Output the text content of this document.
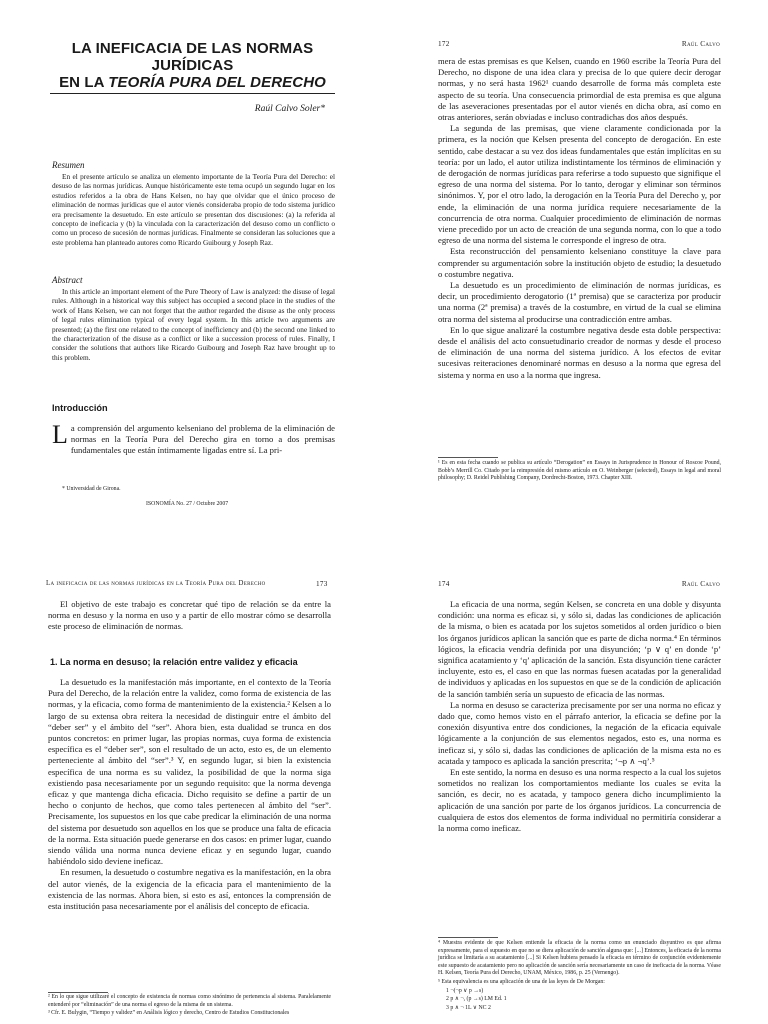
LA INEFICACIA DE LAS NORMAS
JURÍDICAS
EN LA TEORÍA PURA DEL DERECHO
Raúl Calvo Soler*
Resumen
En el presente artículo se analiza un elemento importante de la Teoría Pura del Derecho: el desuso de las normas jurídicas. Aunque históricamente este tema ocupó un segundo lugar en los estudios referidos a la obra de Hans Kelsen, no hay que olvidar que el único proceso de eliminación de normas jurídicas que el autor vienés consideraba propio de todo sistema jurídico era precisamente la desuetudo. En este artículo se presentan dos discusiones: (a) la referida al concepto de ineficacia y (b) la vinculada con la caracterización del desuso como un conflicto o como un proceso de sucesión de normas jurídicas. Finalmente se consideran las soluciones que a este problema han planteado autores como Ricardo Guibourg y Joseph Raz.
Abstract
In this article an important element of the Pure Theory of Law is analyzed: the disuse of legal rules. Although in a historical way this subject has occupied a second place in the studies of the work of Hans Kelsen, we can not forget that the author regarded the disuse as the only process of legal rules elimination typical of every legal system. In this article two arguments are presented; (a) the first one related to the concept of inefficiency and (b) the second one linked to the characterization of the disuse as a conflict or like a succession process of rules. Finally, I consider the solutions that authors like Ricardo Guibourg and Joseph Raz have brought up to this problem.
Introducción
La comprensión del argumento kelseniano del problema de la eliminación de normas en la Teoría Pura del Derecho gira en torno a dos premisas fundamentales que están íntimamente ligadas entre sí. La pri-
* Universidad de Girona.
ISONOMÍA No. 27 / Octubre 2007
172	Raúl Calvo

mera de estas premisas es que Kelsen, cuando en 1960 escribe la Teoría Pura del Derecho, no dispone de una idea clara y precisa de lo que quiere decir derogar normas, y no será hasta 1962¹ cuando desarrolle de forma más completa este aspecto de su teoría. Una consecuencia primordial de esta premisa es que alguna de las aseveraciones presentadas por el autor vienés en dicha obra, así como en otras anteriores, serán obviadas e incluso contradichas dos años después.

La segunda de las premisas, que viene claramente condicionada por la primera, es la noción que Kelsen presenta del concepto de derogación. En este sentido, cabe destacar a su vez dos ideas fundamentales que están implícitas en su teoría: por un lado, el autor utiliza indistintamente los términos de eliminación y de derogación de normas jurídicas para referirse a todo supuesto que signifique el egreso de una norma del sistema. Por lo tanto, derogar y eliminar son términos sinónimos. Y, por el otro lado, la derogación en la Teoría Pura del Derecho y, por ende, la eliminación de una norma jurídica requiere necesariamente de la concurrencia de otra norma. Cualquier procedimiento de eliminación de normas viene precedido por un acto de creación de una segunda norma, con lo que a todo egreso de una norma del sistema le corresponde el ingreso de otra.

Esta reconstrucción del pensamiento kelseniano constituye la clave para comprender su argumentación sobre la institución objeto de estudio; la desuetudo o costumbre negativa.

La desuetudo es un procedimiento de eliminación de normas jurídicas, es decir, un procedimiento derogatorio (1ª premisa) que se caracteriza por producir una norma (2ª premisa) a través de la costumbre, en virtud de la cual se elimina otra norma del sistema al producirse una contradicción entre ambas.

En lo que sigue analizaré la costumbre negativa desde esta doble perspectiva: desde el análisis del acto consuetudinario creador de normas y desde el proceso de eliminación de una norma del sistema jurídico. A los efectos de evitar sucesivas reiteraciones denominaré normas en desuso a la norma que egresa del sistema y norma en uso a la norma que ingresa.

¹ Es en esta fecha cuando se publica su artículo “Derogation” en Essays in Jurisprudence in Honour of Roscoe Pound, Bobb’s Merrill Co. Citado por la reimpresión del mismo artículo en O. Weinberger (selected), Essays in legal and moral philosophy; D. Reidel Publishing Company, Dordrecht-Boston, 1973. Chapter XIII.
La ineficacia de las normas jurídicas en la Teoría Pura del Derecho	173

El objetivo de este trabajo es concretar qué tipo de relación se da entre la norma en desuso y la norma en uso y a partir de ello mostrar cómo se desarrolla este proceso de eliminación de normas.

1. La norma en desuso; la relación entre validez y eficacia

La desuetudo es la manifestación más importante, en el contexto de la Teoría Pura del Derecho, de la relación entre la validez, como forma de existencia de las normas, y la eficacia, como forma de mantenimiento de la existencia.² Kelsen a lo largo de su extensa obra reitera la necesidad de distinguir entre el ámbito del “deber ser” y el ámbito del “ser”. Ahora bien, esta dualidad se trunca en dos puntos concretos: en primer lugar, las propias normas, cuya forma de existencia específica es el “deber ser”, son el resultado de un acto, esto es, de un elemento perteneciente al ámbito del “ser”.³ Y, en segundo lugar, si bien la existencia específica de una norma es su validez, la posibilidad de que la norma siga existiendo pasa necesariamente por un segundo requisito: que la norma devenga eficaz y que mantenga dicha eficacia. Dicho requisito se define a partir de un hecho o conjunto de hechos, que como tales pertenecen al ámbito del “ser”. Precisamente, los supuestos en los que cabe predicar la eliminación de una norma del sistema por desuetudo son aquellos en los que se produce una falta de eficacia de la norma. Esta situación puede generarse en dos casos: en primer lugar, cuando siendo válida una norma nunca deviene eficaz y en segundo lugar, cuando habiéndolo sido deviene ineficaz.

En resumen, la desuetudo o costumbre negativa es la manifestación, en la obra del autor vienés, de la exigencia de la eficacia para el mantenimiento de la existencia de las normas. Ahora bien, si esto es así, entonces la comprensión de esta institución pasa necesariamente por el análisis del concepto de eficacia.

² En lo que sigue utilizaré el concepto de existencia de normas como sinónimo de pertenencia al sistema. Paralelamente entenderé por “eliminación” de una norma el egreso de la misma de un sistema.

³ Cfr. E. Bulygin, “Tiempo y validez” en Análisis lógico y derecho, Centro de Estudios Constitucionales

174	Raúl Calvo

La eficacia de una norma, según Kelsen, se concreta en una doble y disyunta condición: una norma es eficaz si, y sólo si, dadas las condiciones de aplicación de la misma, o bien es acatada por los sujetos sometidos al orden jurídico o bien los órganos jurídicos aplican la sanción que es parte de dicha norma.⁴ En términos lógicos, la eficacia vendría definida por una disyunción; ‘p ∨ q’ en donde ‘p’ significa acatamiento y ‘q’ aplicación de la sanción. Esta disyunción tiene carácter incluyente, esto es, el caso en que las normas fuesen acatadas por la generalidad de individuos y aplicadas en los supuestos en que se de la condición de aplicación de la sanción también sería un supuesto de eficacia de las normas.

La norma en desuso se caracteriza precisamente por ser una norma no eficaz y dado que, como hemos visto en el párrafo anterior, la eficacia se define por la conexión disyuntiva entre dos condiciones, la negación de la eficacia equivale lógicamente a la conjunción de sus elementos negados, esto es, una norma es ineficaz si, y sólo si, dadas las condiciones de aplicación de la misma esta no es acatada y tampoco es aplicada la sanción prescrita; ‘¬p ∧ ¬q’.⁵

En este sentido, la norma en desuso es una norma respecto a la cual los sujetos sometidos no realizan los comportamientos mediante los cuales se evita la sanción, es decir, no es acatada, y tampoco genera dicho incumplimiento la aplicación de una sanción por parte de los órganos jurídicos. La concurrencia de cualquiera de estos dos elementos de forma individual no permitiría considerar a la norma como ineficaz.

⁴ Muestra evidente de que Kelsen entiende la eficacia de la norma como un enunciado disyuntivo es que afirma expresamente, para el supuesto en que no se diera aplicación de sanción alguna que: [...] Entonces, la eficacia de la norma jurídica se limitaría a su acatamiento [...] Si Kelsen hubiera pensado la eficacia en término de conjunción evidentemente este supuesto de acatamiento pero no aplicación de sanción sería necesariamente un caso de ineficacia de la norma. Véase H. Kelsen, Teoría Pura del Derecho, UNAM, México, 1986, p. 25 (Vernengo).

⁵ Esta equivalencia es una aplicación de una de las leyes de De Morgan:

1 ¬(¬p ∨ p →s)

2 p ∧ ¬, (p →s) LM Ed. 1

3 p ∧ ¬ 1L ∨ NC 2
